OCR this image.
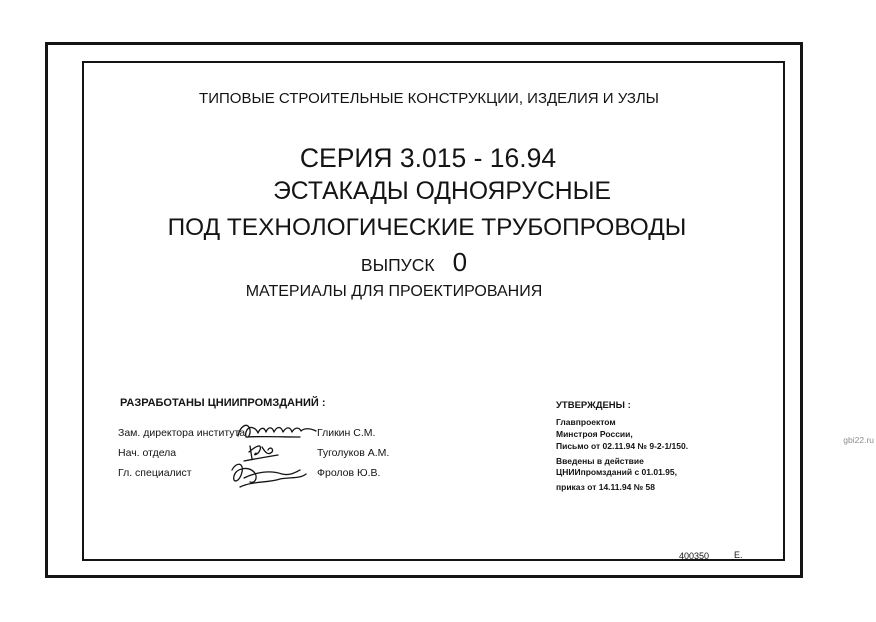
ТИПОВЫЕ СТРОИТЕЛЬНЫЕ КОНСТРУКЦИИ, ИЗДЕЛИЯ И УЗЛЫ
СЕРИЯ 3.015 - 16.94
ЭСТАКАДЫ ОДНОЯРУСНЫЕ
ПОД ТЕХНОЛОГИЧЕСКИЕ ТРУБОПРОВОДЫ
ВЫПУСК 0
МАТЕРИАЛЫ ДЛЯ ПРОЕКТИРОВАНИЯ
РАЗРАБОТАНЫ ЦНИИПРОМЗДАНИЙ :
Зам. директора института	Гликин С.М.
Нач. отдела	Туголуков А.М.
Гл. специалист	Фролов Ю.В.
УТВЕРЖДЕНЫ :
Главпроектом
Минстроя России,
Письмо от 02.11.94 № 9-2-1/150.
Введены в действие
ЦНИИпромзданий с 01.01.95,
приказ от 14.11.94 № 58
400350	Е.
gbi22.ru
